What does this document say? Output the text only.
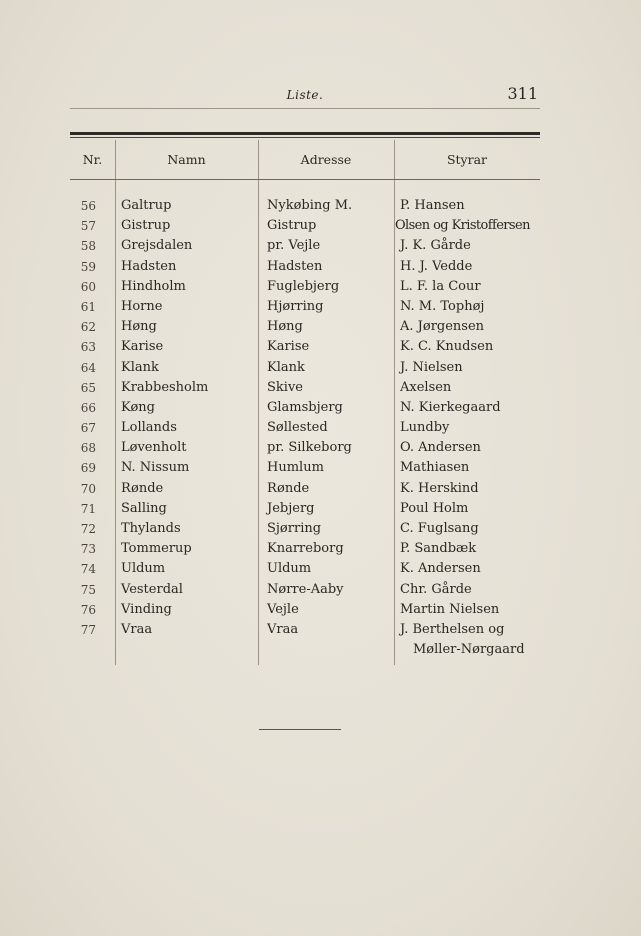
Liste.	311
Nr.	Namn	Adresse	Styrar
56 Galtrup	Nykøbing M.	P. Hansen
57 Gistrup	Gistrup	Olsen og Kristoffersen
58 Grejsdalen	pr. Vejle	J. K. Gårde
59 Hadsten	Hadsten	H. J. Vedde
60 Hindholm	Fuglebjerg	L. F. la Cour
61 Horne	Hjørring	N. M. Tophøj
62 Høng	Høng	A. Jørgensen
63 Karise	Karise	K. C. Knudsen
64 Klank	Klank	J. Nielsen
65 Krabbesholm	Skive	Axelsen
66 Køng	Glamsbjerg	N. Kierkegaard
67 Lollands	Søllested	Lundby
68 Løvenholt	pr. Silkeborg	O. Andersen
69 N. Nissum	Humlum	Mathiasen
70 Rønde	Rønde	K. Herskind
71 Salling	Jebjerg	Poul Holm
72 Thylands	Sjørring	C. Fuglsang
73 Tommerup	Knarreborg	P. Sandbæk
74 Uldum	Uldum	K. Andersen
75 Vesterdal	Nørre-Aaby	Chr. Gårde
76 Vinding	Vejle	Martin Nielsen
77 Vraa	Vraa	J. Berthelsen og
Møller-Nørgaard
